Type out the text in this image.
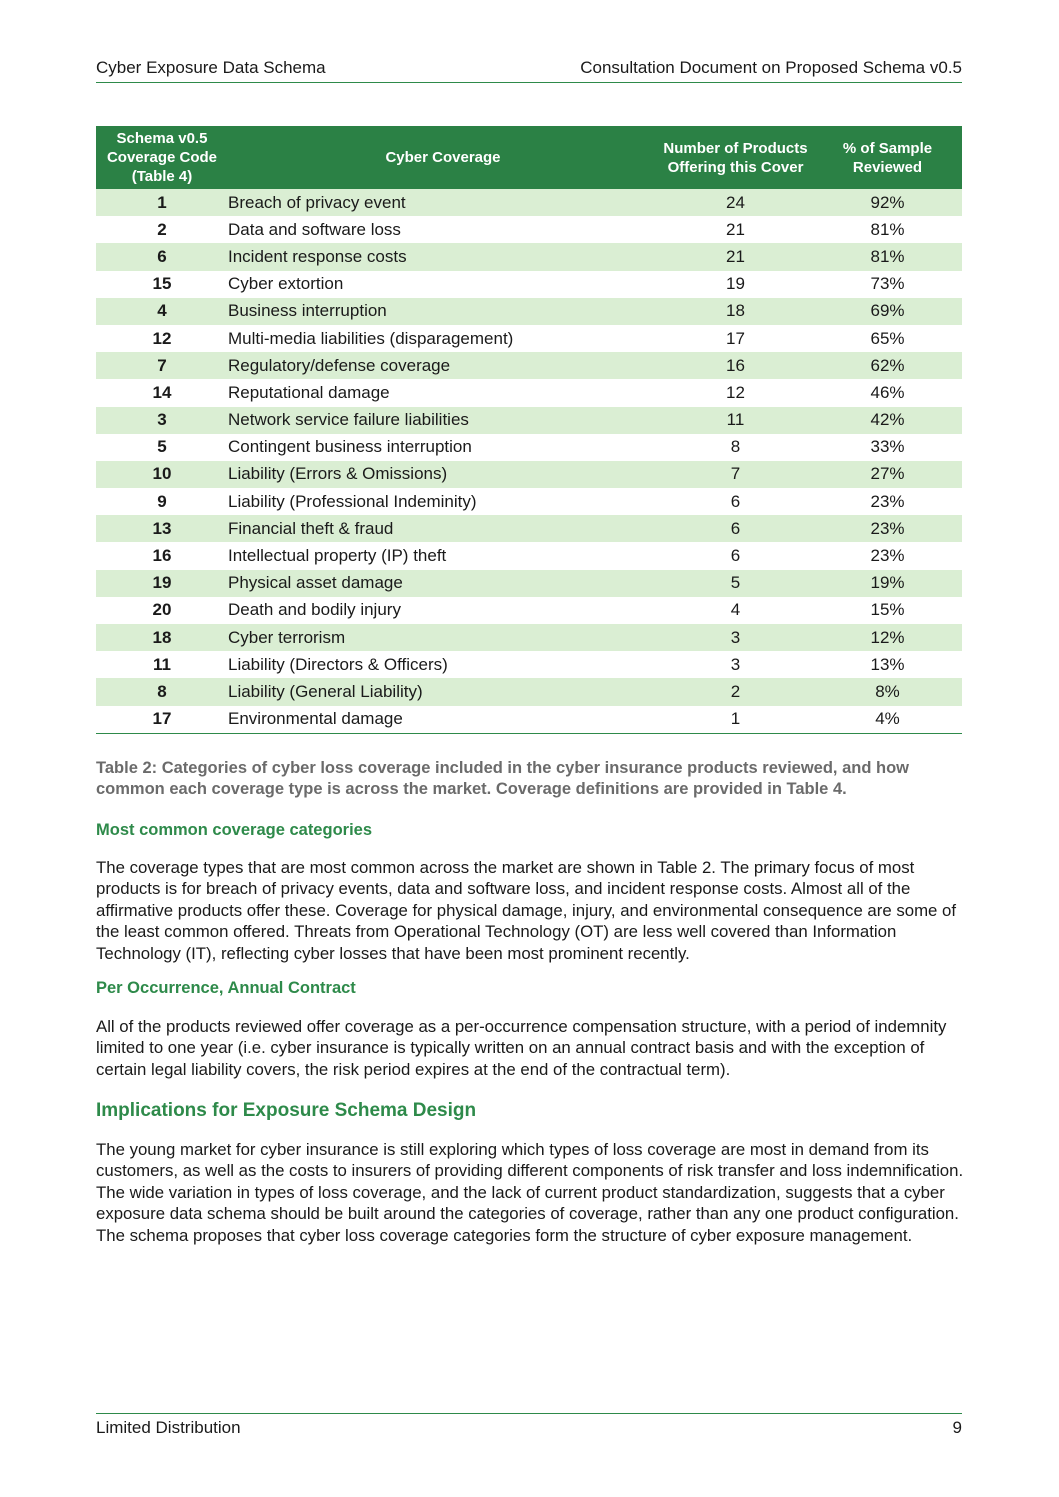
Cyber Exposure Data Schema	Consultation Document on Proposed Schema v0.5
Schema v0.5 Coverage Code (Table 4)	Cyber Coverage	Number of Products Offering this Cover	% of Sample Reviewed
1	Breach of privacy event	24	92%
2	Data and software loss	21	81%
6	Incident response costs	21	81%
15	Cyber extortion	19	73%
4	Business interruption	18	69%
12	Multi-media liabilities (disparagement)	17	65%
7	Regulatory/defense coverage	16	62%
14	Reputational damage	12	46%
3	Network service failure liabilities	11	42%
5	Contingent business interruption	8	33%
10	Liability (Errors & Omissions)	7	27%
9	Liability (Professional Indeminity)	6	23%
13	Financial theft & fraud	6	23%
16	Intellectual property (IP) theft	6	23%
19	Physical asset damage	5	19%
20	Death and bodily injury	4	15%
18	Cyber terrorism	3	12%
11	Liability (Directors & Officers)	3	13%
8	Liability (General Liability)	2	8%
17	Environmental damage	1	4%
Table 2: Categories of cyber loss coverage included in the cyber insurance products reviewed, and how common each coverage type is across the market. Coverage definitions are provided in Table 4.
Most common coverage categories
The coverage types that are most common across the market are shown in Table 2. The primary focus of most products is for breach of privacy events, data and software loss, and incident response costs. Almost all of the affirmative products offer these. Coverage for physical damage, injury, and environmental consequence are some of the least common offered. Threats from Operational Technology (OT) are less well covered than Information Technology (IT), reflecting cyber losses that have been most prominent recently.
Per Occurrence, Annual Contract
All of the products reviewed offer coverage as a per-occurrence compensation structure, with a period of indemnity limited to one year (i.e. cyber insurance is typically written on an annual contract basis and with the exception of certain legal liability covers, the risk period expires at the end of the contractual term).
Implications for Exposure Schema Design
The young market for cyber insurance is still exploring which types of loss coverage are most in demand from its customers, as well as the costs to insurers of providing different components of risk transfer and loss indemnification. The wide variation in types of loss coverage, and the lack of current product standardization, suggests that a cyber exposure data schema should be built around the categories of coverage, rather than any one product configuration. The schema proposes that cyber loss coverage categories form the structure of cyber exposure management.
Limited Distribution	9
